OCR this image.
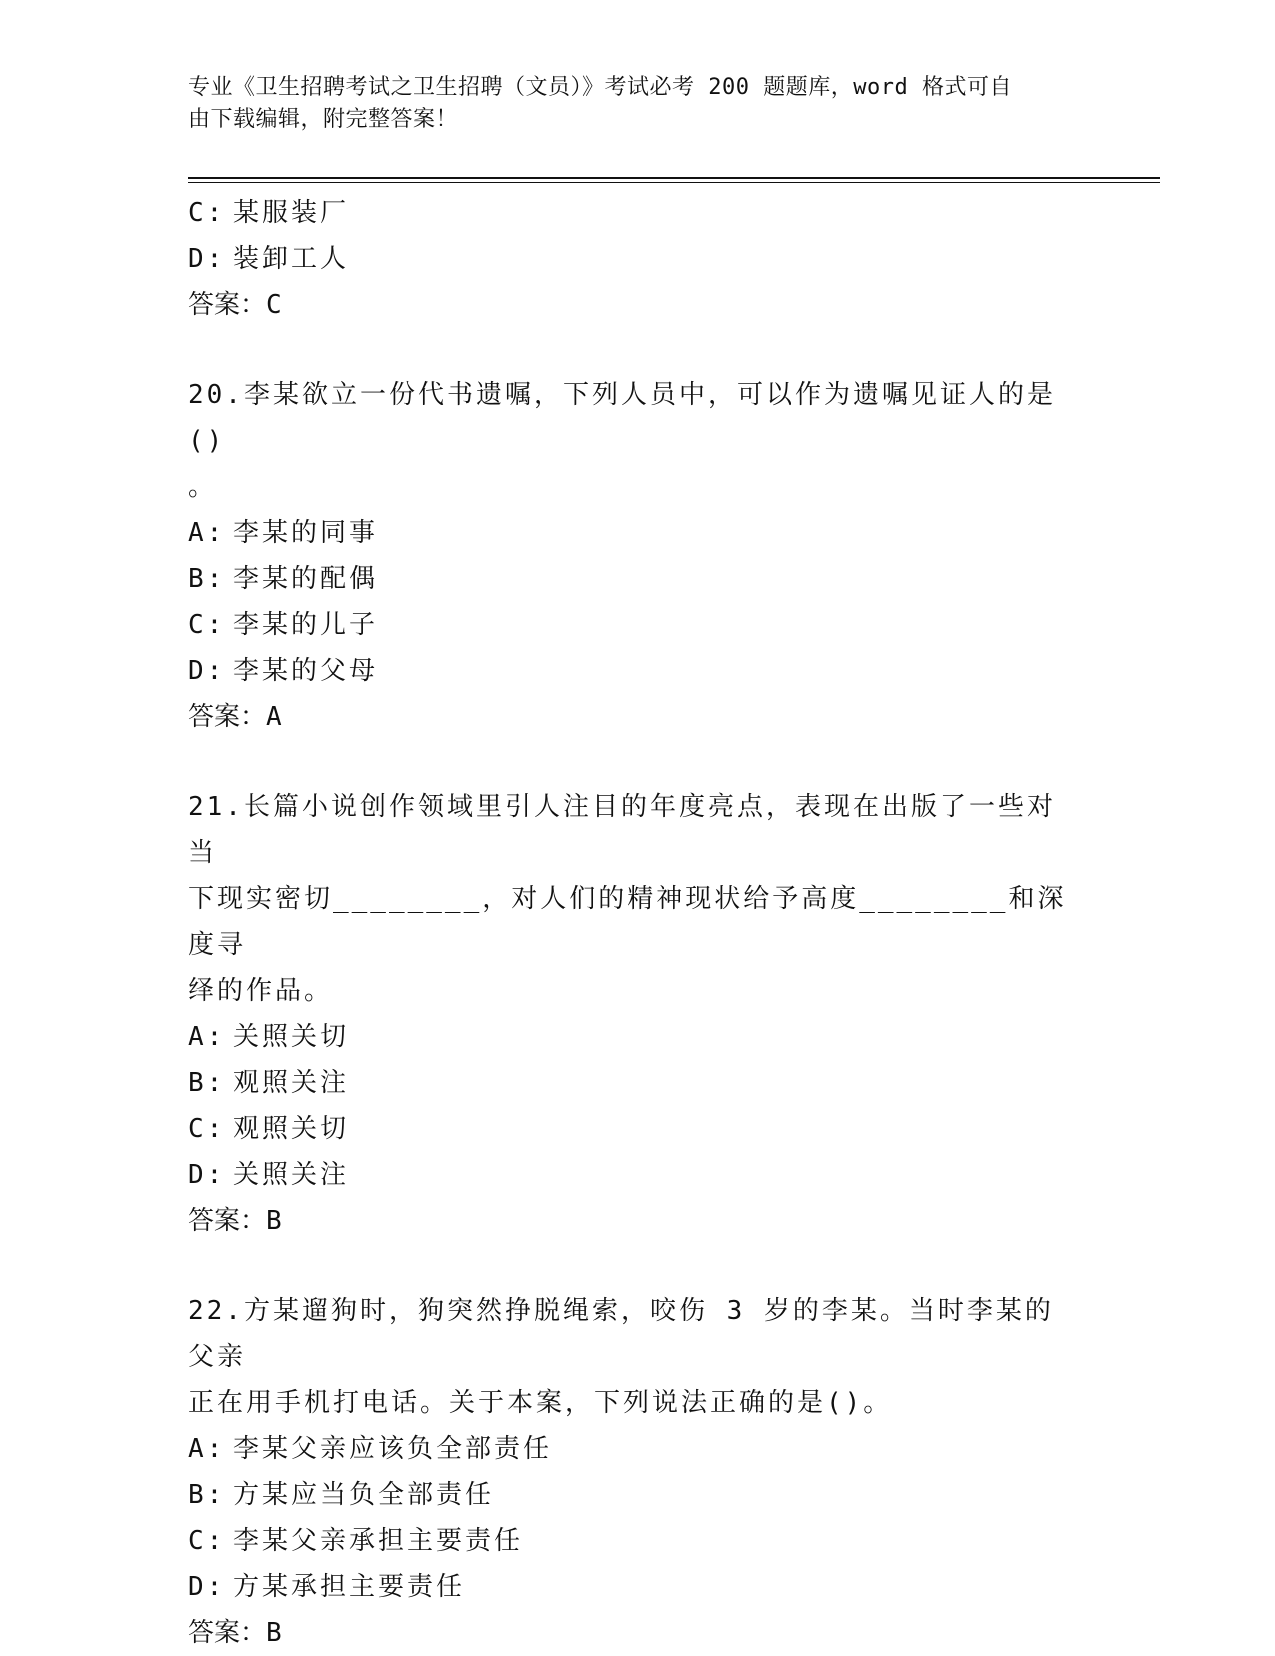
专业《卫生招聘考试之卫生招聘（文员）》考试必考 200 题题库，word 格式可自
由下载编辑，附完整答案！
C: 某服装厂
D: 装卸工人

答案：C

20.李某欲立一份代书遗嘱，下列人员中，可以作为遗嘱见证人的是()

。

A: 李某的同事
B: 李某的配偶
C: 李某的儿子
D: 李某的父母

答案：A

21.长篇小说创作领域里引人注目的年度亮点，表现在出版了一些对当

下现实密切________，对人们的精神现状给予高度________和深度寻

绎的作品。

A: 关照关切
B: 观照关注
C: 观照关切
D: 关照关注

答案：B

22.方某遛狗时，狗突然挣脱绳索，咬伤 3 岁的李某。当时李某的父亲

正在用手机打电话。关于本案，下列说法正确的是()。

A: 李某父亲应该负全部责任
B: 方某应当负全部责任
C: 李某父亲承担主要责任
D: 方某承担主要责任

答案：B
